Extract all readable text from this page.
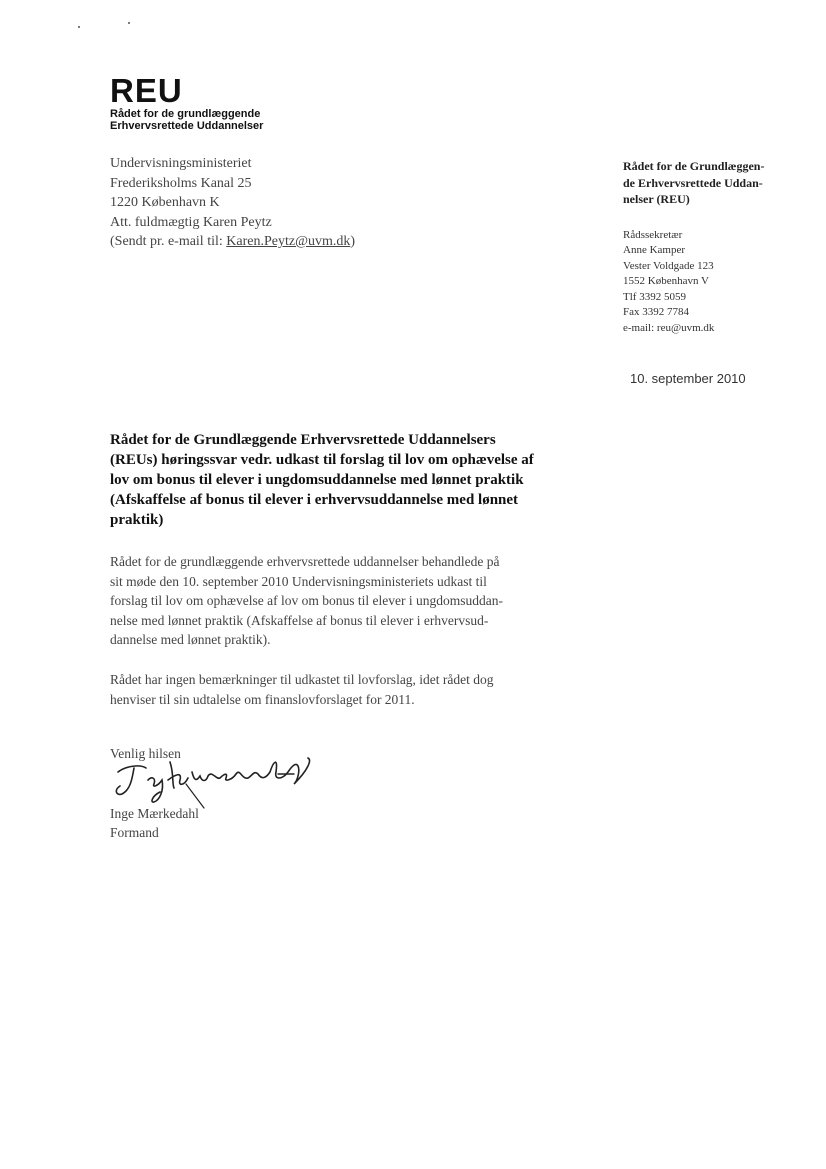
REU
Rådet for de grundlæggende
Erhvervsrettede Uddannelser
Undervisningsministeriet
Frederiksholms Kanal 25
1220 København K
Att. fuldmægtig Karen Peytz
(Sendt pr. e-mail til: Karen.Peytz@uvm.dk)
Rådet for de Grundlæggen-
de Erhvervsrettede Uddan-
nelser (REU)
Rådssekretær
Anne Kamper
Vester Voldgade 123
1552 København V
Tlf 3392 5059
Fax 3392 7784
e-mail: reu@uvm.dk
10. september 2010
Rådet for de Grundlæggende Erhvervsrettede Uddannelsers
(REUs) høringssvar vedr. udkast til forslag til lov om ophævelse af
lov om bonus til elever i ungdomsuddannelse med lønnet praktik
(Afskaffelse af bonus til elever i erhvervsuddannelse med lønnet
praktik)
Rådet for de grundlæggende erhvervsrettede uddannelser behandlede på
sit møde den 10. september 2010 Undervisningsministeriets udkast til
forslag til lov om ophævelse af lov om bonus til elever i ungdomsuddan-
nelse med lønnet praktik (Afskaffelse af bonus til elever i erhvervsud-
dannelse med lønnet praktik).
Rådet har ingen bemærkninger til udkastet til lovforslag, idet rådet dog
henviser til sin udtalelse om finanslovforslaget for 2011.
Venlig hilsen
Inge Mærkedahl
Formand
